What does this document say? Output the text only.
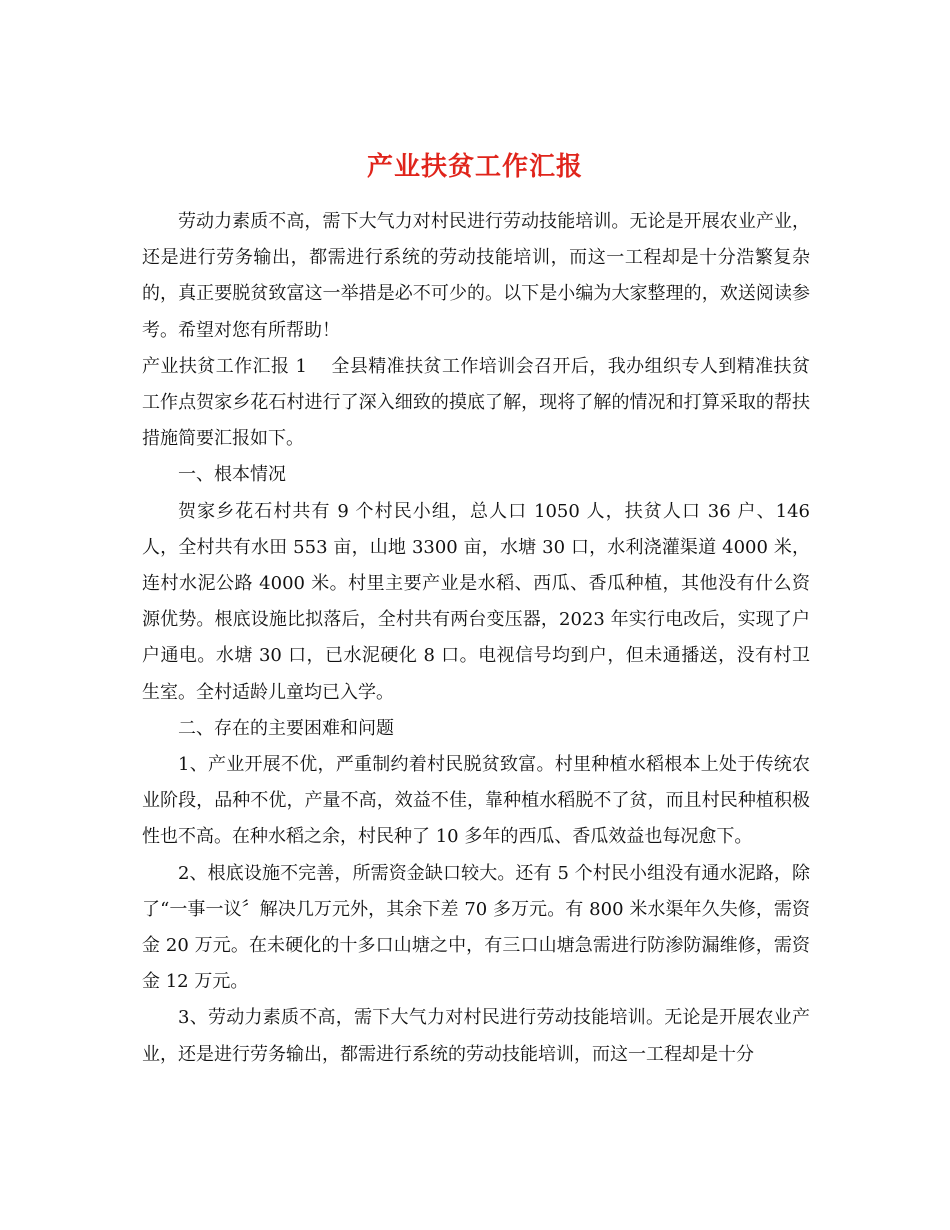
产业扶贫工作汇报

劳动力素质不高，需下大气力对村民进行劳动技能培训。无论是开展农业产业，还是进行劳务输出，都需进行系统的劳动技能培训，而这一工程却是十分浩繁复杂的，真正要脱贫致富这一举措是必不可少的。以下是小编为大家整理的，欢送阅读参考。希望对您有所帮助！

产业扶贫工作汇报 1 全县精准扶贫工作培训会召开后，我办组织专人到精准扶贫工作点贺家乡花石村进行了深入细致的摸底了解，现将了解的情况和打算采取的帮扶措施简要汇报如下。

一、根本情况

贺家乡花石村共有 9 个村民小组，总人口 1050 人，扶贫人口 36 户、146 人，全村共有水田 553 亩，山地 3300 亩，水塘 30 口，水利浇灌渠道 4000 米，连村水泥公路 4000 米。村里主要产业是水稻、西瓜、香瓜种植，其他没有什么资源优势。根底设施比拟落后，全村共有两台变压器，2023 年实行电改后，实现了户户通电。水塘 30 口，已水泥硬化 8 口。电视信号均到户，但未通播送，没有村卫生室。全村适龄儿童均已入学。

二、存在的主要困难和问题

1、产业开展不优，严重制约着村民脱贫致富。村里种植水稻根本上处于传统农业阶段，品种不优，产量不高，效益不佳，靠种植水稻脱不了贫，而且村民种植积极性也不高。在种水稻之余，村民种了 10 多年的西瓜、香瓜效益也每况愈下。

2、根底设施不完善，所需资金缺口较大。还有 5 个村民小组没有通水泥路，除了“一事一议〞解决几万元外，其余下差 70 多万元。有 800 米水渠年久失修，需资金 20 万元。在未硬化的十多口山塘之中，有三口山塘急需进行防渗防漏维修，需资金 12 万元。

3、劳动力素质不高，需下大气力对村民进行劳动技能培训。无论是开展农业产业，还是进行劳务输出，都需进行系统的劳动技能培训，而这一工程却是十分
